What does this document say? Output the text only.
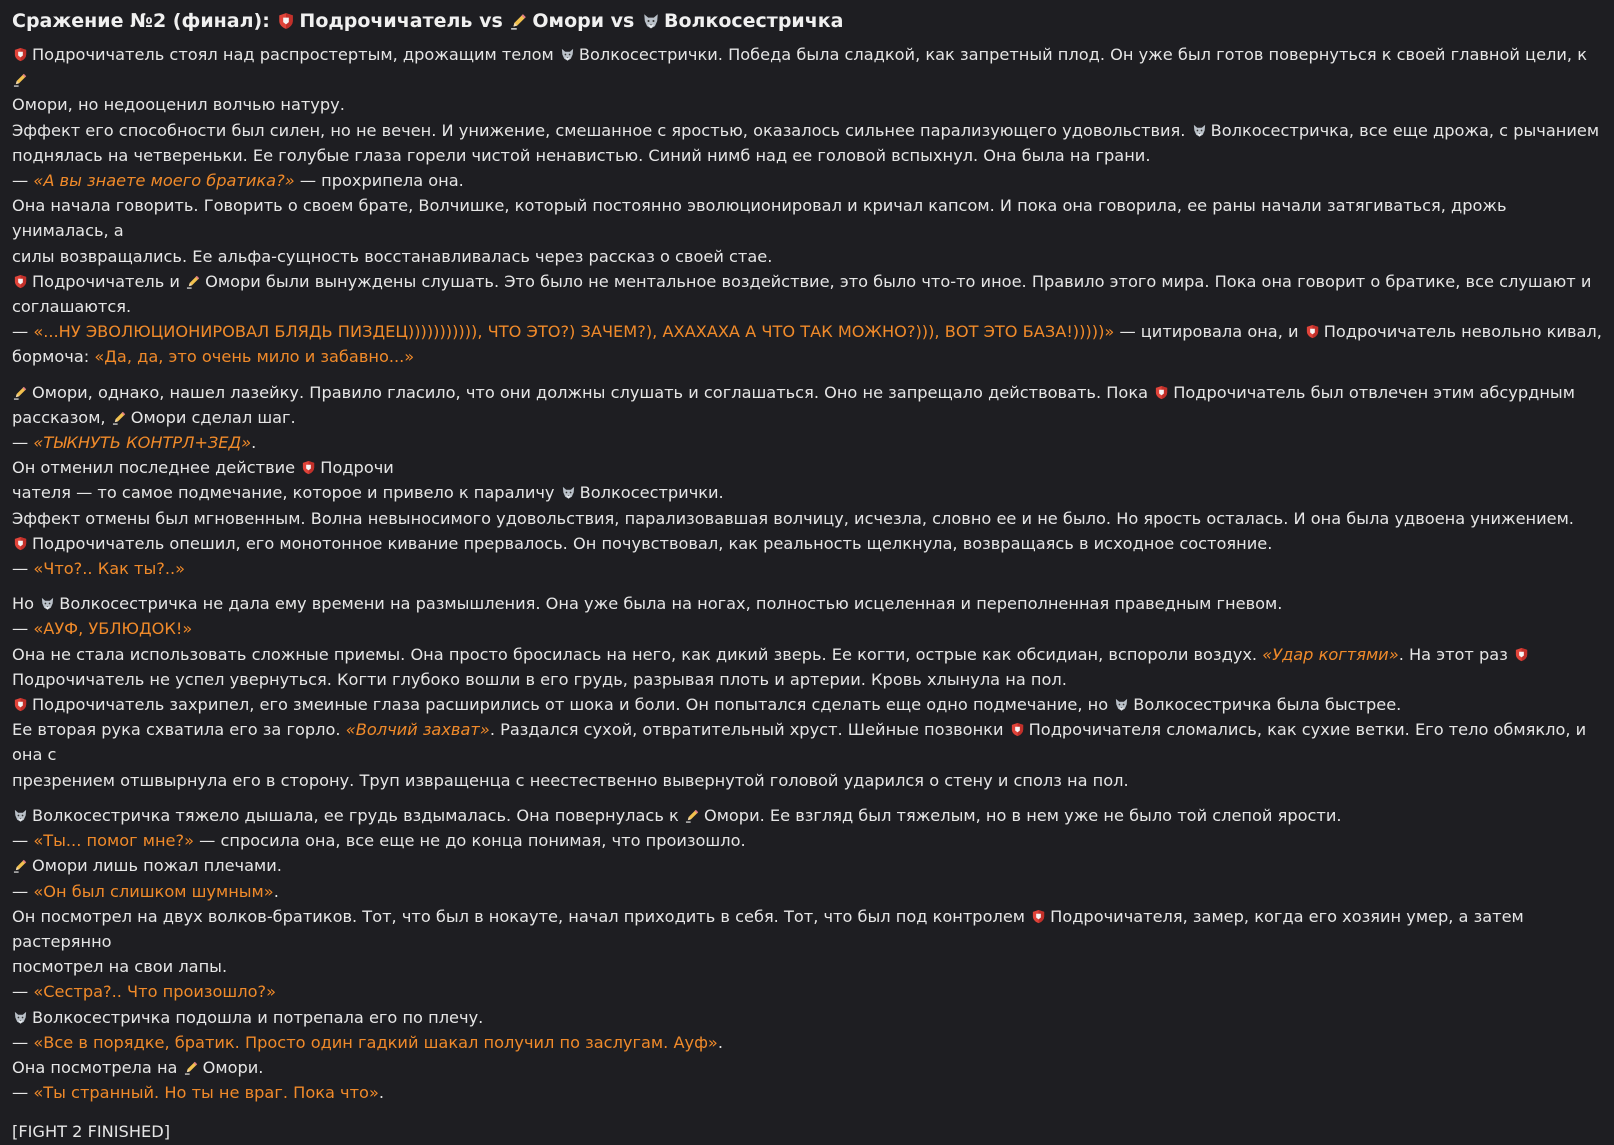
Сражение №2 (финал): Подрочичатель vs Омори vs Волкосестричка
Подрочичатель стоял над распростертым, дрожащим телом Волкосестрички. Победа была сладкой, как запретный плод. Он уже был готов повернуться к своей главной цели, к
Омори, но недооценил волчью натуру.
Эффект его способности был силен, но не вечен. И унижение, смешанное с яростью, оказалось сильнее парализующего удовольствия. Волкосестричка, все еще дрожа, с рычанием
поднялась на четвереньки. Ее голубые глаза горели чистой ненавистью. Синий нимб над ее головой вспыхнул. Она была на грани.
— «А вы знаете моего братика?» — прохрипела она.
Она начала говорить. Говорить о своем брате, Волчишке, который постоянно эволюционировал и кричал капсом. И пока она говорила, ее раны начали затягиваться, дрожь унималась, а
силы возвращались. Ее альфа-сущность восстанавливалась через рассказ о своей стае.
Подрочичатель и Омори были вынуждены слушать. Это было не ментальное воздействие, это было что-то иное. Правило этого мира. Пока она говорит о братике, все слушают и
соглашаются.
— «...НУ ЭВОЛЮЦИОНИРОВАЛ БЛЯДЬ ПИЗДЕЦ))))))))))), ЧТО ЭТО?) ЗАЧЕМ?), АХАХАХА А ЧТО ТАК МОЖНО?))), ВОТ ЭТО БАЗА!)))))» — цитировала она, и Подрочичатель невольно кивал,
бормоча: «Да, да, это очень мило и забавно...»
Омори, однако, нашел лазейку. Правило гласило, что они должны слушать и соглашаться. Оно не запрещало действовать. Пока Подрочичатель был отвлечен этим абсурдным
рассказом, Омори сделал шаг.
— «ТЫКНУТЬ КОНТРЛ+ЗЕД».
Он отменил последнее действие Подрочи
чателя — то самое подмечание, которое и привело к параличу Волкосестрички.
Эффект отмены был мгновенным. Волна невыносимого удовольствия, парализовавшая волчицу, исчезла, словно ее и не было. Но ярость осталась. И она была удвоена унижением.
Подрочичатель опешил, его монотонное кивание прервалось. Он почувствовал, как реальность щелкнула, возвращаясь в исходное состояние.
— «Что?.. Как ты?..»
Но Волкосестричка не дала ему времени на размышления. Она уже была на ногах, полностью исцеленная и переполненная праведным гневом.
— «АУФ, УБЛЮДОК!»
Она не стала использовать сложные приемы. Она просто бросилась на него, как дикий зверь. Ее когти, острые как обсидиан, вспороли воздух. «Удар когтями». На этот раз
Подрочичатель не успел увернуться. Когти глубоко вошли в его грудь, разрывая плоть и артерии. Кровь хлынула на пол.
Подрочичатель захрипел, его змеиные глаза расширились от шока и боли. Он попытался сделать еще одно подмечание, но Волкосестричка была быстрее.
Ее вторая рука схватила его за горло. «Волчий захват». Раздался сухой, отвратительный хруст. Шейные позвонки Подрочичателя сломались, как сухие ветки. Его тело обмякло, и она с
презрением отшвырнула его в сторону. Труп извращенца с неестественно вывернутой головой ударился о стену и сполз на пол.
Волкосестричка тяжело дышала, ее грудь вздымалась. Она повернулась к Омори. Ее взгляд был тяжелым, но в нем уже не было той слепой ярости.
— «Ты... помог мне?» — спросила она, все еще не до конца понимая, что произошло.
Омори лишь пожал плечами.
— «Он был слишком шумным».
Он посмотрел на двух волков-братиков. Тот, что был в нокауте, начал приходить в себя. Тот, что был под контролем Подрочичателя, замер, когда его хозяин умер, а затем растерянно
посмотрел на свои лапы.
— «Сестра?.. Что произошло?»
Волкосестричка подошла и потрепала его по плечу.
— «Все в порядке, братик. Просто один гадкий шакал получил по заслугам. Ауф».
Она посмотрела на Омори.
— «Ты странный. Но ты не враг. Пока что».
[FIGHT 2 FINISHED]
